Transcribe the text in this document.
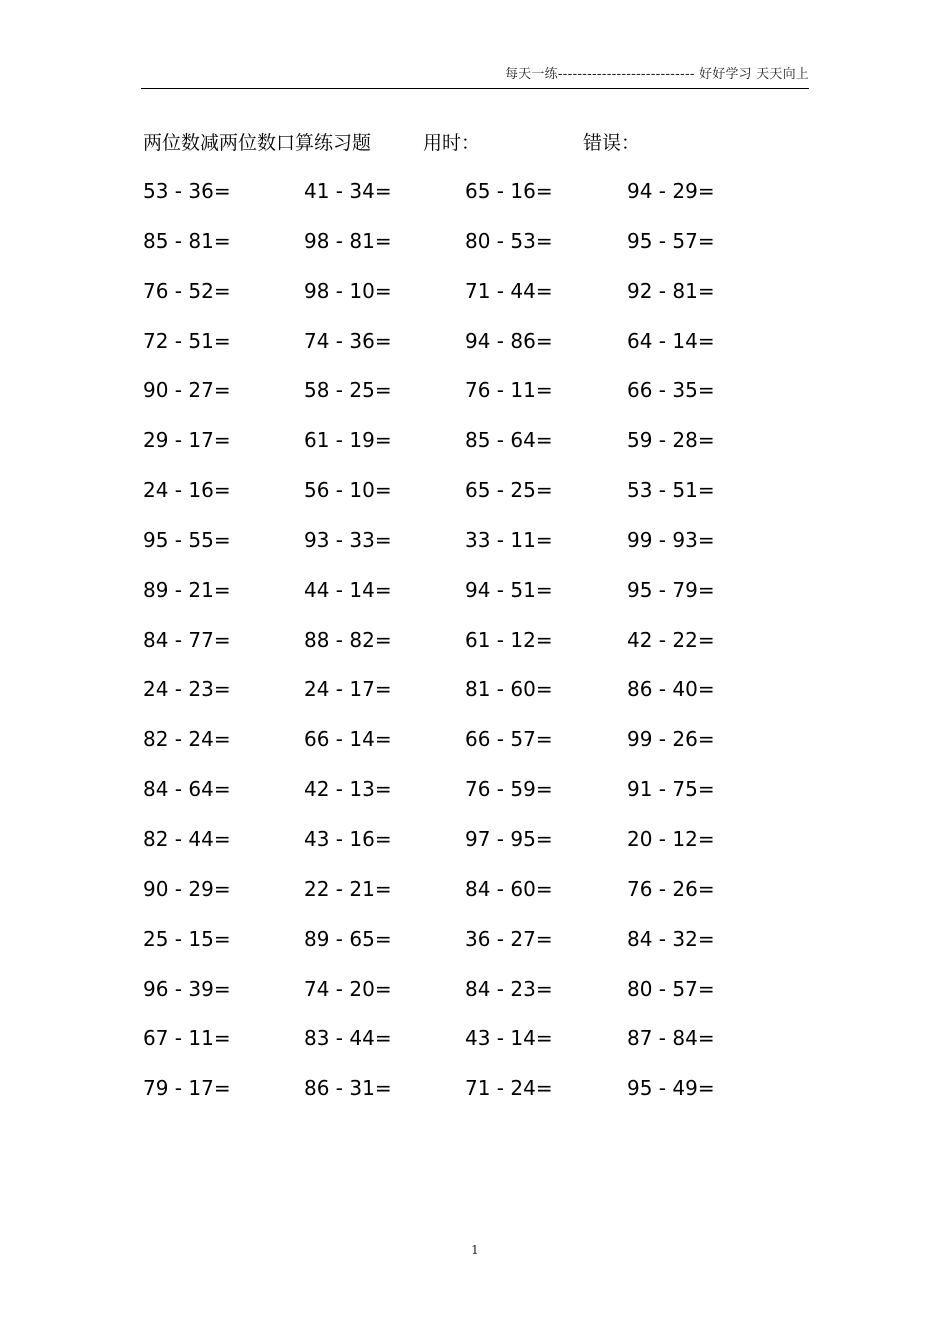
每天一练---------------------------- 好好学习 天天向上
两位数减两位数口算练习题	用时：	错误：
53 - 36=	41 - 34=	65 - 16=	94 - 29=
85 - 81=	98 - 81=	80 - 53=	95 - 57=
76 - 52=	98 - 10=	71 - 44=	92 - 81=
72 - 51=	74 - 36=	94 - 86=	64 - 14=
90 - 27=	58 - 25=	76 - 11=	66 - 35=
29 - 17=	61 - 19=	85 - 64=	59 - 28=
24 - 16=	56 - 10=	65 - 25=	53 - 51=
95 - 55=	93 - 33=	33 - 11=	99 - 93=
89 - 21=	44 - 14=	94 - 51=	95 - 79=
84 - 77=	88 - 82=	61 - 12=	42 - 22=
24 - 23=	24 - 17=	81 - 60=	86 - 40=
82 - 24=	66 - 14=	66 - 57=	99 - 26=
84 - 64=	42 - 13=	76 - 59=	91 - 75=
82 - 44=	43 - 16=	97 - 95=	20 - 12=
90 - 29=	22 - 21=	84 - 60=	76 - 26=
25 - 15=	89 - 65=	36 - 27=	84 - 32=
96 - 39=	74 - 20=	84 - 23=	80 - 57=
67 - 11=	83 - 44=	43 - 14=	87 - 84=
79 - 17=	86 - 31=	71 - 24=	95 - 49=
1
